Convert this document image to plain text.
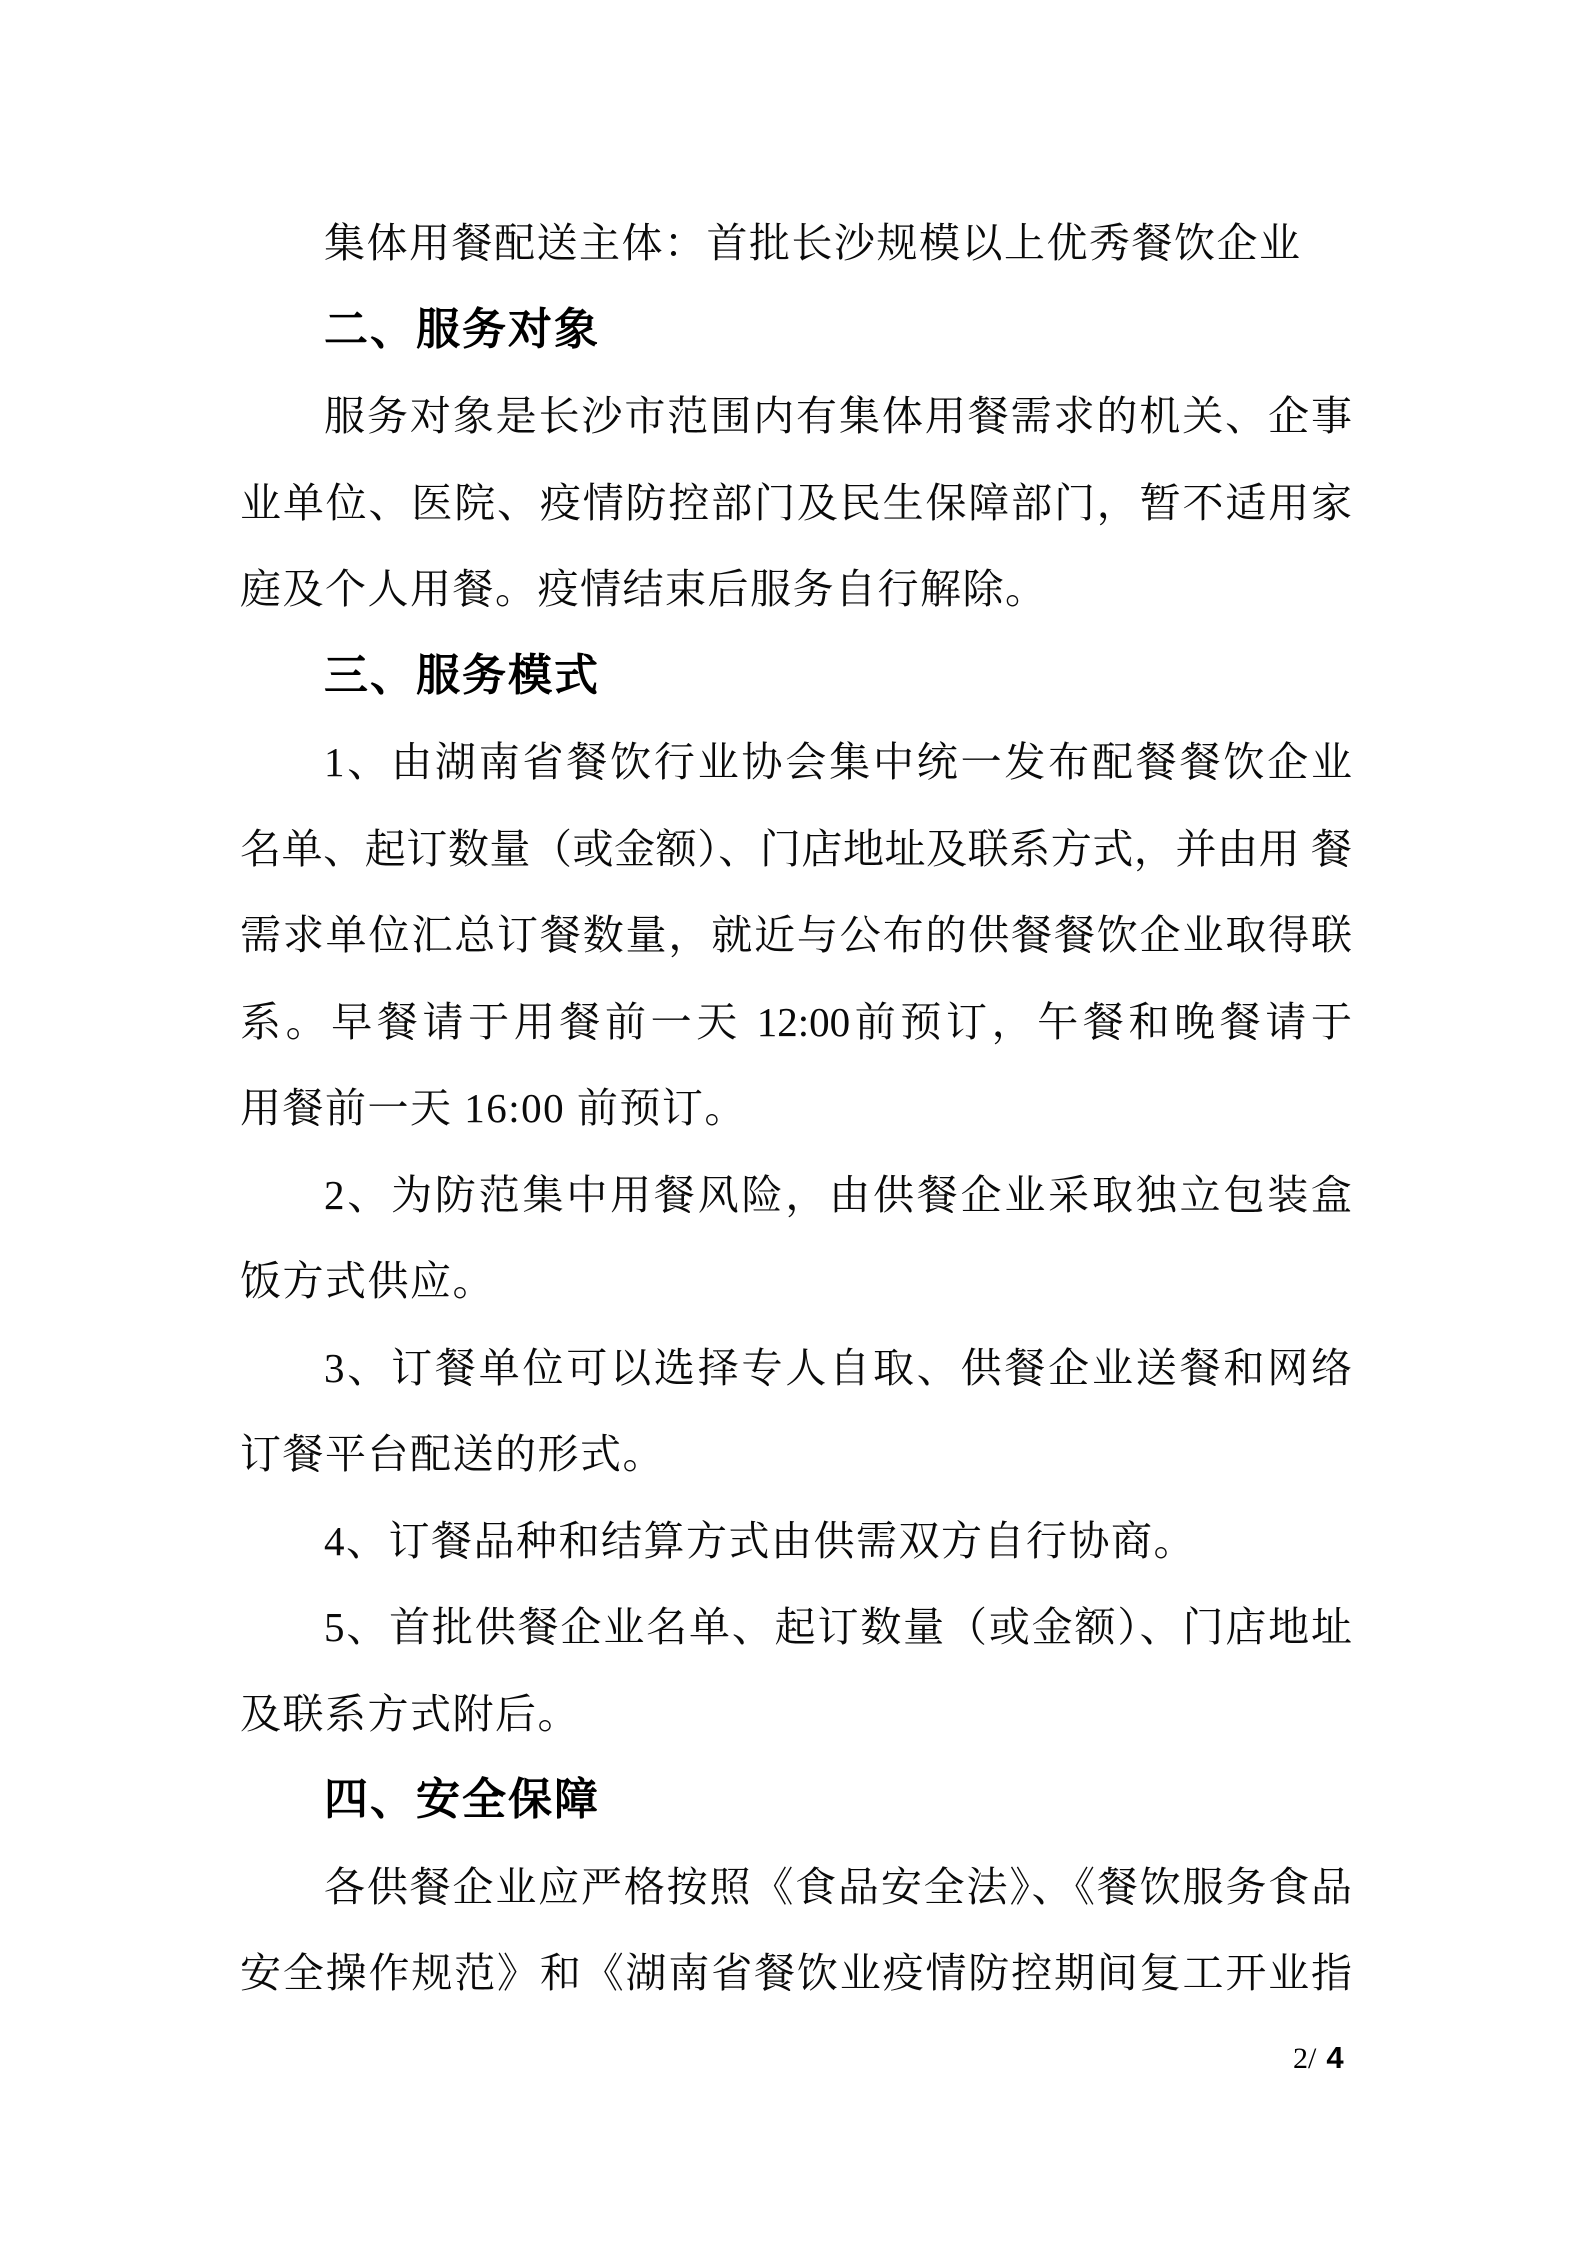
集体用餐配送主体：首批长沙规模以上优秀餐饮企业
二、服务对象
服务对象是长沙市范围内有集体用餐需求的机关、企事
业单位、医院、疫情防控部门及民生保障部门，暂不适用家
庭及个人用餐。疫情结束后服务自行解除。
三、服务模式
1、由湖南省餐饮行业协会集中统一发布配餐餐饮企业
名单、起订数量（或金额）、门店地址及联系方式，并由用 餐
需求单位汇总订餐数量，就近与公布的供餐餐饮企业取得联
系。早餐请于用餐前一天 12:00前预订，午餐和晚餐请于
用餐前一天 16:00 前预订。
2、为防范集中用餐风险，由供餐企业采取独立包装盒
饭方式供应。
3、订餐单位可以选择专人自取、供餐企业送餐和网络
订餐平台配送的形式。
4、订餐品种和结算方式由供需双方自行协商。
5、首批供餐企业名单、起订数量（或金额）、门店地址
及联系方式附后。
四、安全保障
各供餐企业应严格按照《食品安全法》、《餐饮服务食品
安全操作规范》和《湖南省餐饮业疫情防控期间复工开业指
2/ 4
